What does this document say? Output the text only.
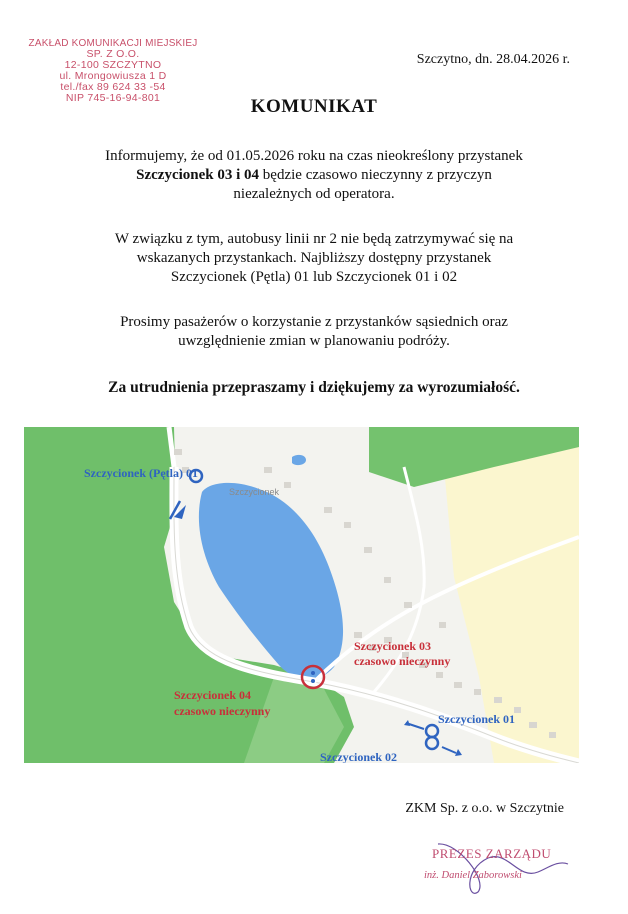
ZAKŁAD KOMUNIKACJI MIEJSKIEJ
SP. Z O.O.
12-100 SZCZYTNO
ul. Mrongowiusza 1 D
tel./fax 89 624 33 -54
NIP 745-16-94-801
Szczytno, dn. 28.04.2026 r.
KOMUNIKAT
Informujemy, że od 01.05.2026 roku na czas nieokreślony przystanek
Szczycionek 03 i 04 będzie czasowo nieczynny z przyczyn
niezależnych od operatora.
W związku z tym, autobusy linii nr 2 nie będą zatrzymywać się na
wskazanych przystankach. Najbliższy dostępny przystanek
Szczycionek (Pętla) 01 lub Szczycionek 01 i 02
Prosimy pasażerów o korzystanie z przystanków sąsiednich oraz
uwzględnienie zmian w planowaniu podróży.
Za utrudnienia przepraszamy i dziękujemy za wyrozumiałość.
Szczycionek
Szczycionek (Pętla) 01
Szczycionek 03
czasowo nieczynny
Szczycionek 04
czasowo nieczynny
Szczycionek 01
Szczycionek 02
ZKM Sp. z o.o. w Szczytnie
PREZES ZARZĄDU
inż. Daniel Zaborowski
